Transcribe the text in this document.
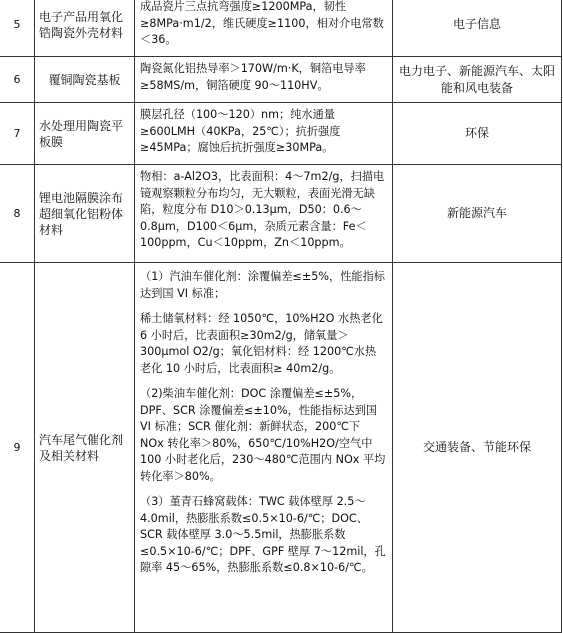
5	电子产品用氧化锆陶瓷外壳材料	成品瓷片三点抗弯强度≥1200MPa，韧性≥8MPa·m1/2，维氏硬度≥1100，相对介电常数＜36。	电子信息
6	覆铜陶瓷基板	陶瓷氮化铝热导率＞170W/m·K，铜箔电导率≥58MS/m，铜箔硬度 90～110HV。	电力电子、新能源汽车、太阳能和风电装备
7	水处理用陶瓷平板膜	膜层孔径（100～120）nm；纯水通量≥600LMH（40KPa，25℃）；抗折强度≥45MPa；腐蚀后抗折强度≥30MPa。	环保
8	锂电池隔膜涂布超细氧化铝粉体材料	物相：a-Al2O3，比表面积：4～7m2/g，扫描电镜观察颗粒分布均匀，无大颗粒，表面光滑无缺陷，粒度分布 D10＞0.13μm，D50：0.6～0.8μm，D100＜6μm，杂质元素含量：Fe＜100ppm，Cu＜10ppm，Zn＜10ppm。	新能源汽车
9	汽车尾气催化剂及相关材料	（1）汽油车催化剂：涂覆偏差≤±5%，性能指标达到国 VI 标准；

稀土储氧材料：经 1050℃，10%H2O 水热老化 6 小时后，比表面积≥30m2/g，储氧量＞300μmol O2/g；氧化铝材料：经 1200℃水热老化 10 小时后，比表面积≥ 40m2/g。

（2)柴油车催化剂：DOC 涂覆偏差≤±5%，DPF、SCR 涂覆偏差≤±10%，性能指标达到国 VI 标准；SCR 催化剂：新鲜状态，200℃下 NOx 转化率＞80%，650℃/10%H2O/空气中 100 小时老化后，230～480℃范围内 NOx 平均转化率＞80%。

（3）堇青石蜂窝载体：TWC 载体壁厚 2.5～4.0mil，热膨胀系数≤0.5×10-6/℃；DOC、SCR 载体壁厚 3.0～5.5mil，热膨胀系数≤0.5×10-6/℃；DPF、GPF 壁厚 7～12mil，孔隙率 45～65%，热膨胀系数≤0.8×10-6/℃。	交通装备、节能环保
